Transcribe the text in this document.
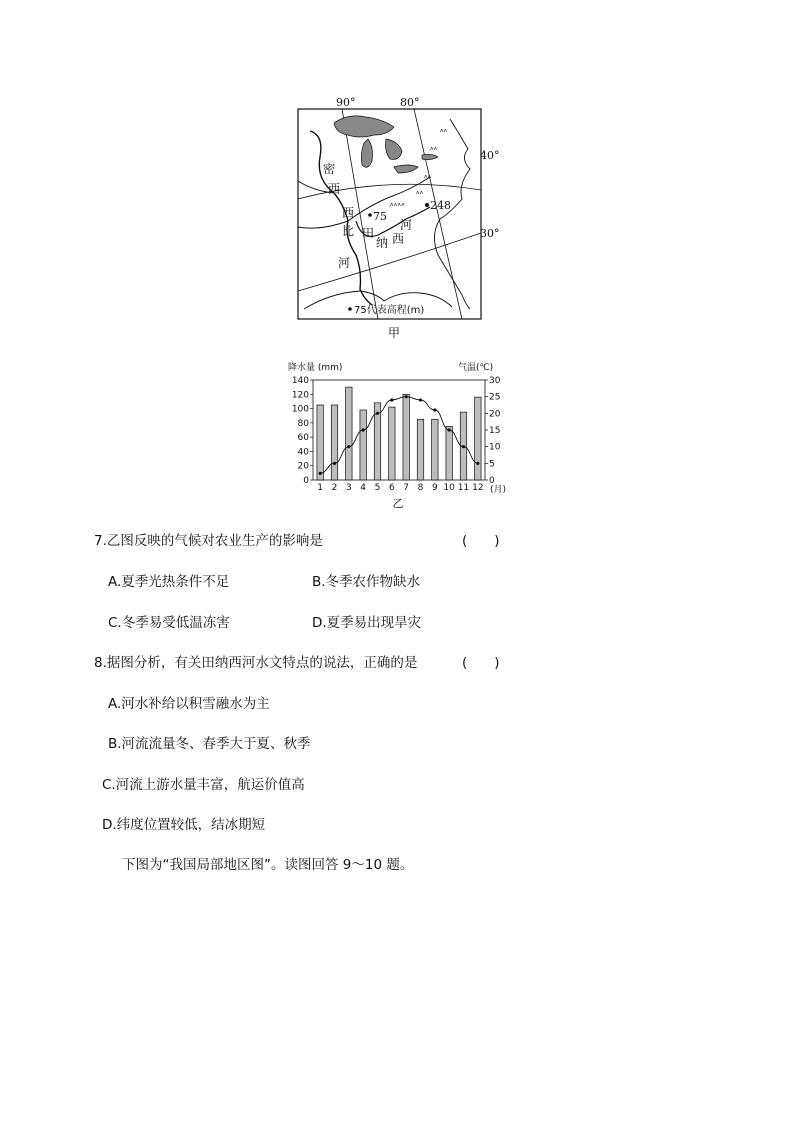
ᶺᶺ
ᶺᶺ
ᶺᶺ
ᶺᶺ
ᶺᶺᶺᶺ
90°	80°
40°
30°
密
西
西
比
河
田
纳 西
河
75
248
75代表高程(m)
甲
降水量 (mm)	气温(℃)
0
20
40
60
80
100
120
140
0
5
10
15
20
25
30
1 2 3 4 5 6 7 8 9 10 11 12 (月)
乙
7.乙图反映的气候对农业生产的影响是	(　　)
A.夏季光热条件不足	B.冬季农作物缺水
C.冬季易受低温冻害	D.夏季易出现旱灾
8.据图分析，有关田纳西河水文特点的说法，正确的是	(　　)
A.河水补给以积雪融水为主
B.河流流量冬、春季大于夏、秋季
C.河流上游水量丰富，航运价值高
D.纬度位置较低，结冰期短
下图为“我国局部地区图”。读图回答 9～10 题。
